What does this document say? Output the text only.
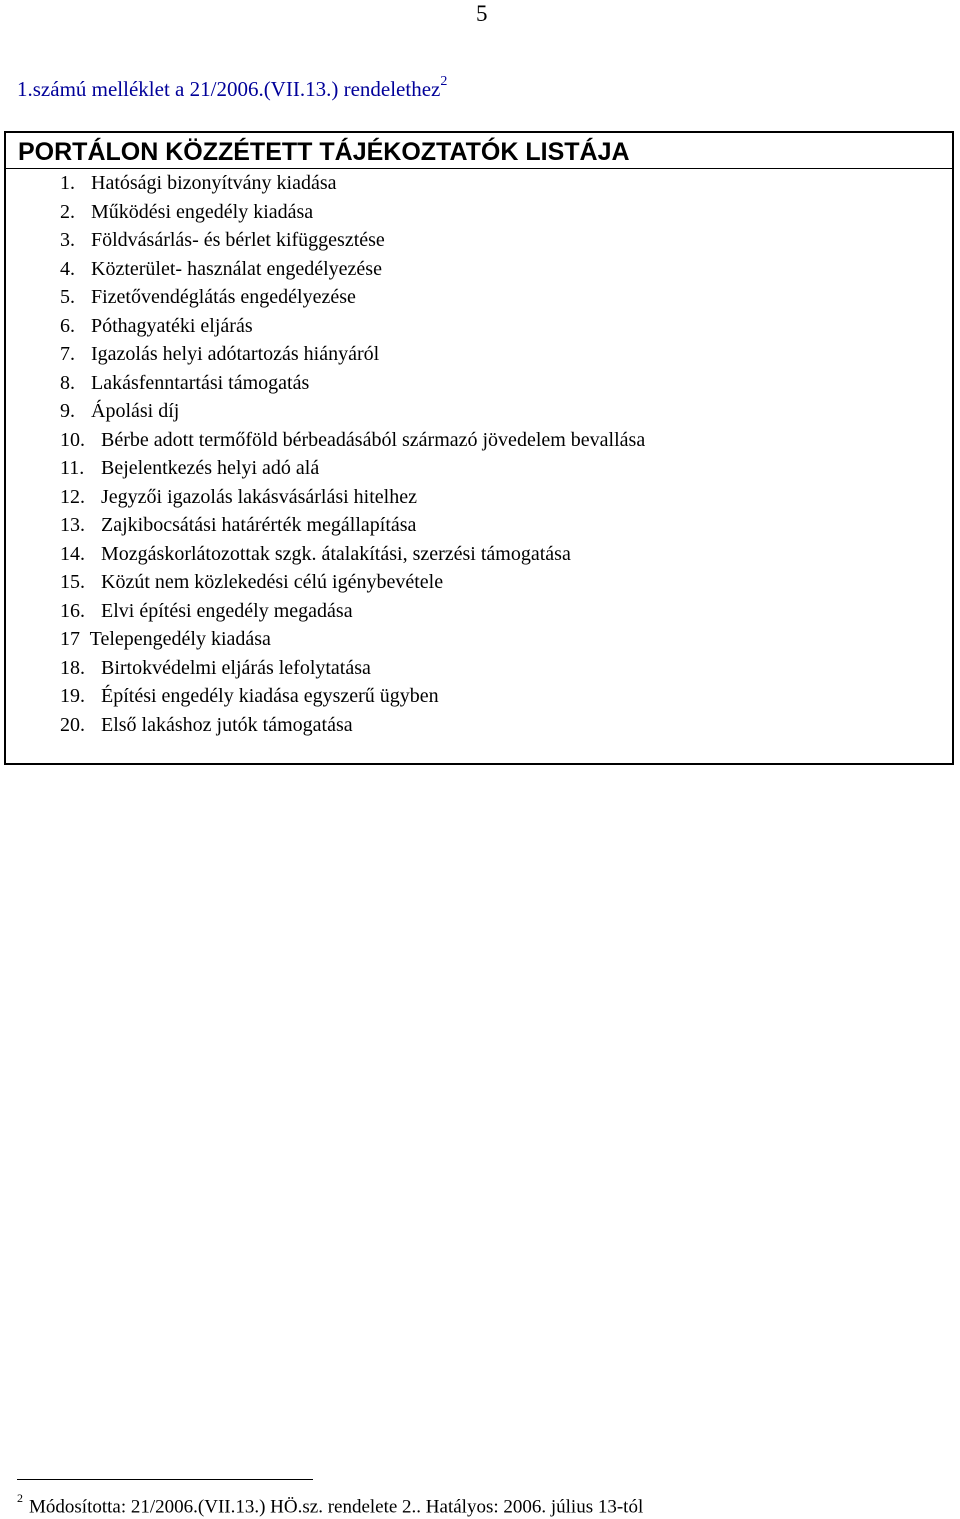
5
1.számú melléklet a 21/2006.(VII.13.) rendelethez$^2$
PORTÁLON KÖZZÉTETT TÁJÉKOZTATÓK LISTÁJA
1. Hatósági bizonyítvány kiadása
2. Működési engedély kiadása
3. Földvásárlás- és bérlet kifüggesztése
4. Közterület- használat engedélyezése
5. Fizetővendéglátás engedélyezése
6. Póthagyatéki eljárás
7. Igazolás helyi adótartozás hiányáról
8. Lakásfenntartási támogatás
9. Ápolási díj
10. Bérbe adott termőföld bérbeadásából származó jövedelem bevallása
11. Bejelentkezés helyi adó alá
12. Jegyzői igazolás lakásvásárlási hitelhez
13. Zajkibocsátási határérték megállapítása
14. Mozgáskorlátozottak szgk. átalakítási, szerzési támogatása
15. Közút nem közlekedési célú igénybevétele
16. Elvi építési engedély megadása
17 Telepengedély kiadása
18. Birtokvédelmi eljárás lefolytatása
19. Építési engedély kiadása egyszerű ügyben
20. Első lakáshoz jutók támogatása
$^2$ Módosította: 21/2006.(VII.13.) HÖ.sz. rendelete 2.. Hatályos: 2006. július 13-tól
